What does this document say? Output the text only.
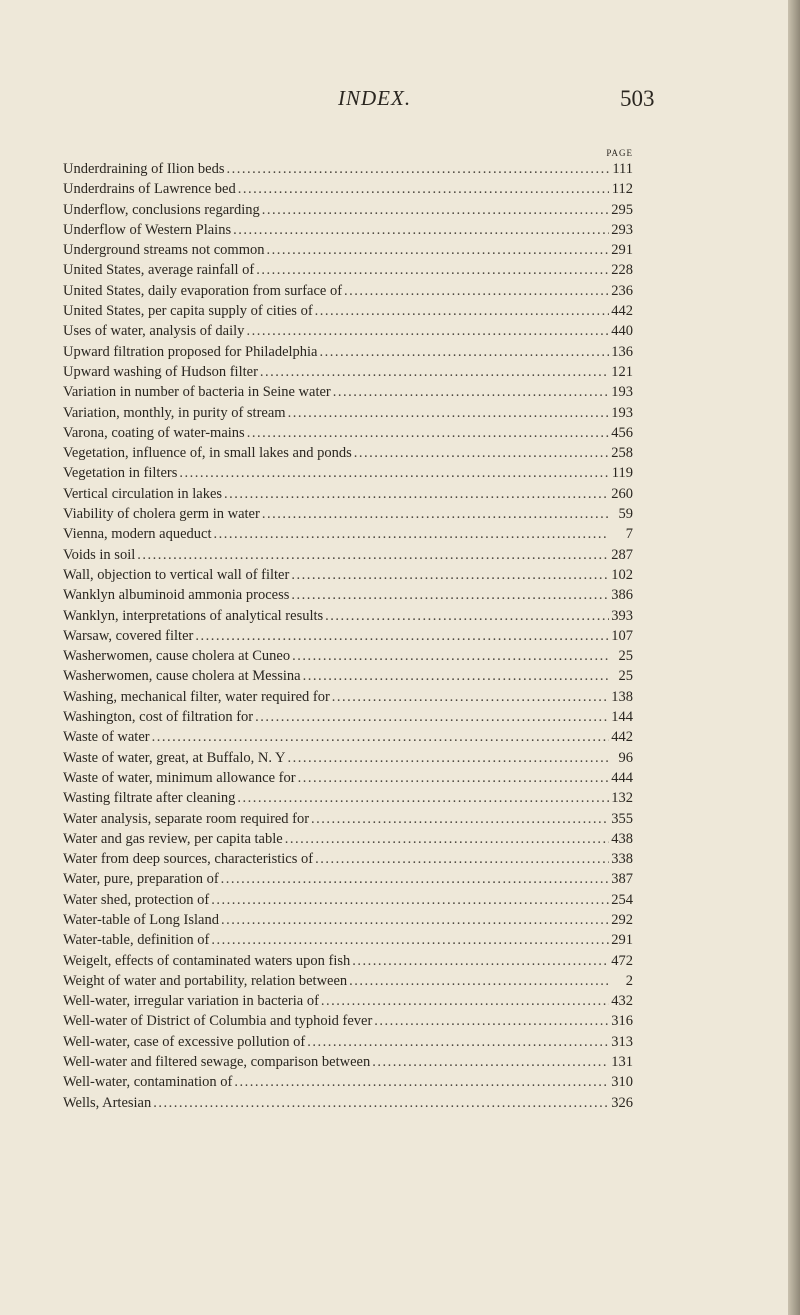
INDEX.	503
PAGE
Underdraining of Ilion beds .....	111
Underdrains of Lawrence bed .....	112
Underflow, conclusions regarding .....	295
Underflow of Western Plains .....	293
Underground streams not common .....	291
United States, average rainfall of .....	228
United States, daily evaporation from surface of .....	236
United States, per capita supply of cities of .....	442
Uses of water, analysis of daily .....	440
Upward filtration proposed for Philadelphia .....	136
Upward washing of Hudson filter .....	121
Variation in number of bacteria in Seine water .....	193
Variation, monthly, in purity of stream .....	193
Varona, coating of water-mains .....	456
Vegetation, influence of, in small lakes and ponds .....	258
Vegetation in filters .....	119
Vertical circulation in lakes .....	260
Viability of cholera germ in water .....	59
Vienna, modern aqueduct .....	7
Voids in soil .....	287
Wall, objection to vertical wall of filter .....	102
Wanklyn albuminoid ammonia process .....	386
Wanklyn, interpretations of analytical results .....	393
Warsaw, covered filter .....	107
Washerwomen, cause cholera at Cuneo .....	25
Washerwomen, cause cholera at Messina .....	25
Washing, mechanical filter, water required for .....	138
Washington, cost of filtration for .....	144
Waste of water .....	442
Waste of water, great, at Buffalo, N. Y .....	96
Waste of water, minimum allowance for .....	444
Wasting filtrate after cleaning .....	132
Water analysis, separate room required for .....	355
Water and gas review, per capita table .....	438
Water from deep sources, characteristics of .....	338
Water, pure, preparation of .....	387
Water shed, protection of .....	254
Water-table of Long Island .....	292
Water-table, definition of .....	291
Weigelt, effects of contaminated waters upon fish .....	472
Weight of water and portability, relation between .....	2
Well-water, irregular variation in bacteria of .....	432
Well-water of District of Columbia and typhoid fever .....	316
Well-water, case of excessive pollution of .....	313
Well-water and filtered sewage, comparison between .....	131
Well-water, contamination of .....	310
Wells, Artesian .....	326
